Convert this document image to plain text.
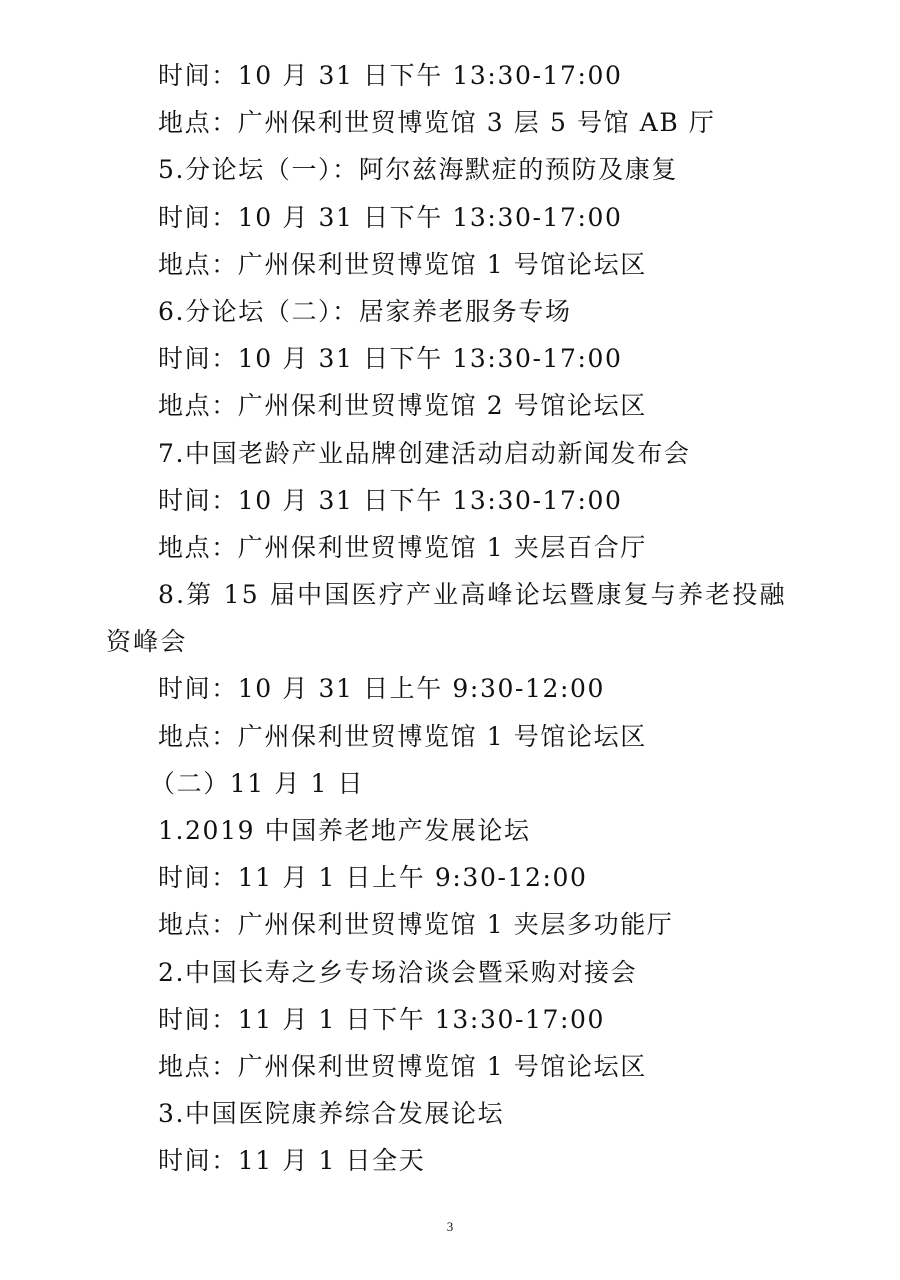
时间：10 月 31 日下午 13:30-17:00
地点：广州保利世贸博览馆 3 层 5 号馆 AB 厅
5.分论坛（一）：阿尔兹海默症的预防及康复
时间：10 月 31 日下午 13:30-17:00
地点：广州保利世贸博览馆 1 号馆论坛区
6.分论坛（二）：居家养老服务专场
时间：10 月 31 日下午 13:30-17:00
地点：广州保利世贸博览馆 2 号馆论坛区
7.中国老龄产业品牌创建活动启动新闻发布会
时间：10 月 31 日下午 13:30-17:00
地点：广州保利世贸博览馆 1 夹层百合厅
8.第 15 届中国医疗产业高峰论坛暨康复与养老投融资峰会
时间：10 月 31 日上午 9:30-12:00
地点：广州保利世贸博览馆 1 号馆论坛区
（二）11 月 1 日
1.2019 中国养老地产发展论坛
时间：11 月 1 日上午 9:30-12:00
地点：广州保利世贸博览馆 1 夹层多功能厅
2.中国长寿之乡专场洽谈会暨采购对接会
时间：11 月 1 日下午 13:30-17:00
地点：广州保利世贸博览馆 1 号馆论坛区
3.中国医院康养综合发展论坛
时间：11 月 1 日全天
3
